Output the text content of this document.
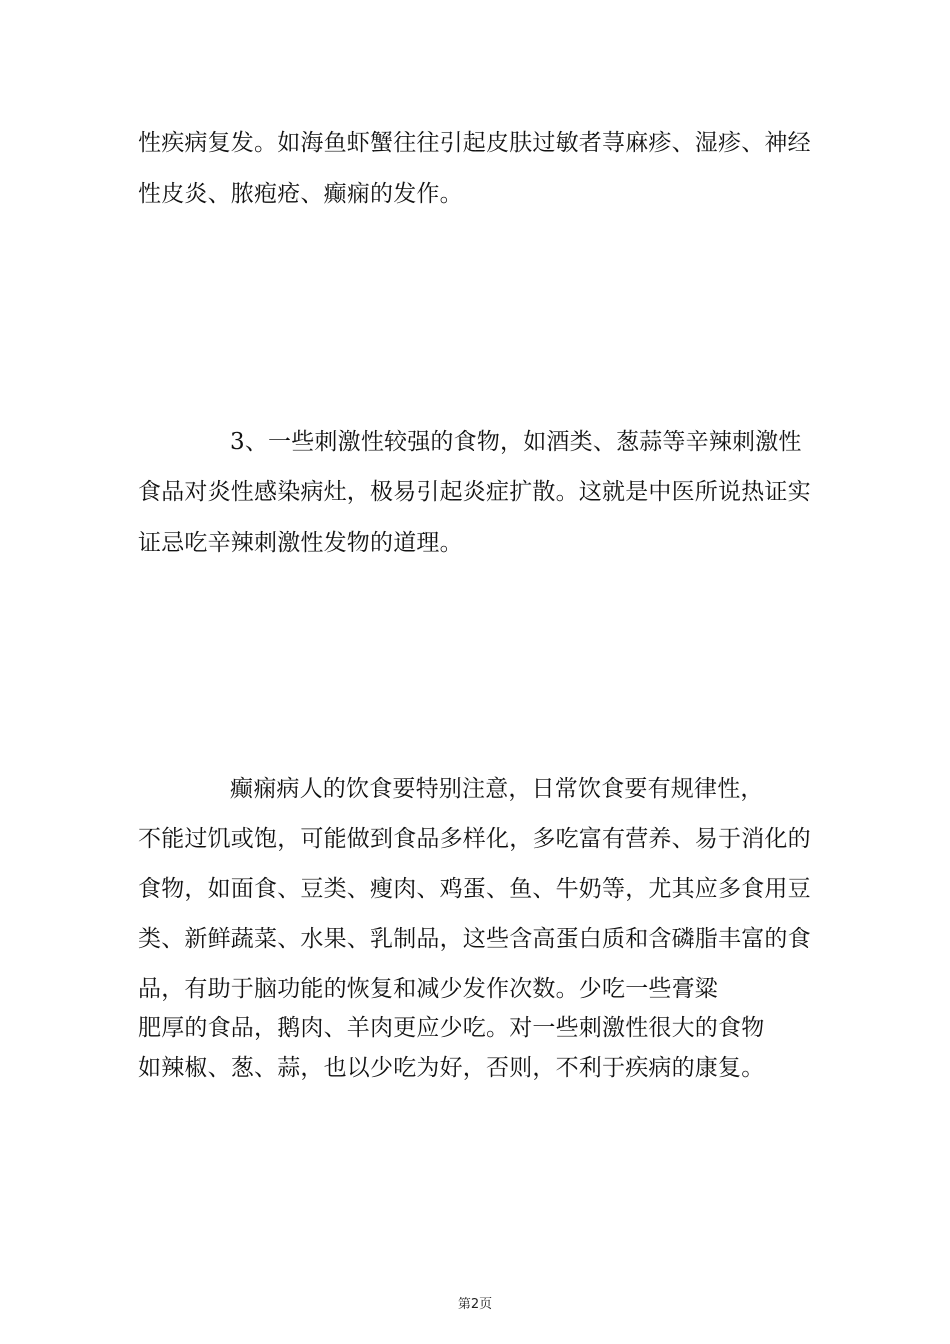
性疾病复发。如海鱼虾蟹往往引起皮肤过敏者荨麻疹、湿疹、神经
性皮炎、脓疱疮、癫痫的发作。
3、一些刺激性较强的食物，如酒类、葱蒜等辛辣刺激性
食品对炎性感染病灶，极易引起炎症扩散。这就是中医所说热证实
证忌吃辛辣刺激性发物的道理。
癫痫病人的饮食要特别注意，日常饮食要有规律性，
不能过饥或饱，可能做到食品多样化，多吃富有营养、易于消化的
食物，如面食、豆类、瘦肉、鸡蛋、鱼、牛奶等，尤其应多食用豆
类、新鲜蔬菜、水果、乳制品，这些含高蛋白质和含磷脂丰富的食
品，有助于脑功能的恢复和减少发作次数。少吃一些膏粱
肥厚的食品，鹅肉、羊肉更应少吃。对一些刺激性很大的食物
如辣椒、葱、蒜，也以少吃为好，否则，不利于疾病的康复。
第2页
